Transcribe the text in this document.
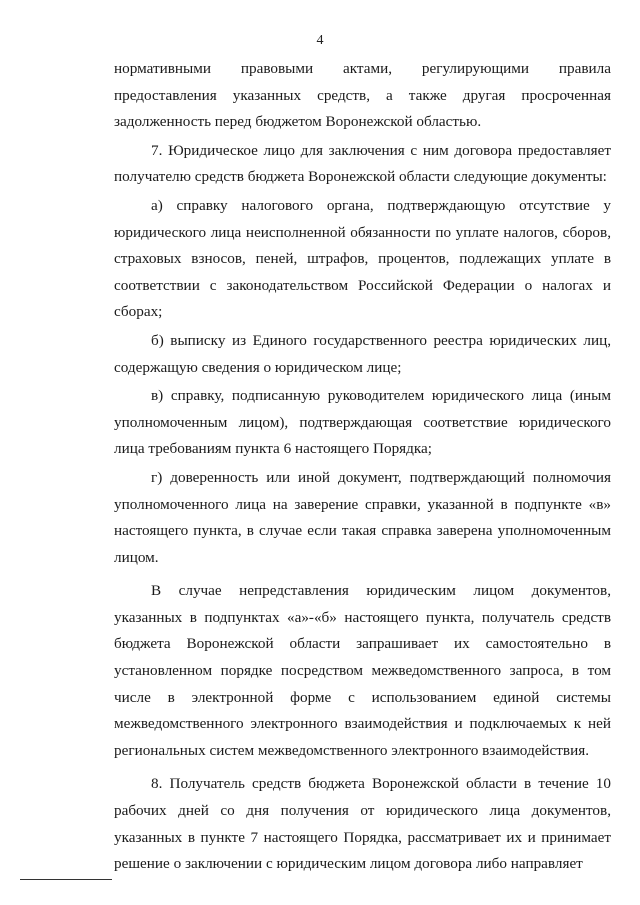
4

нормативными правовыми актами, регулирующими правила предоставления указанных средств, а также другая просроченная задолженность перед бюджетом Воронежской областью.

7. Юридическое лицо для заключения с ним договора предоставляет получателю средств бюджета Воронежской области следующие документы:

а) справку налогового органа, подтверждающую отсутствие у юридического лица неисполненной обязанности по уплате налогов, сборов, страховых взносов, пеней, штрафов, процентов, подлежащих уплате в соответствии с законодательством Российской Федерации о налогах и сборах;

б) выписку из Единого государственного реестра юридических лиц, содержащую сведения о юридическом лице;

в) справку, подписанную руководителем юридического лица (иным уполномоченным лицом), подтверждающая соответствие юридического лица требованиям пункта 6 настоящего Порядка;

г) доверенность или иной документ, подтверждающий полномочия уполномоченного лица на заверение справки, указанной в подпункте «в» настоящего пункта, в случае если такая справка заверена уполномоченным лицом.

В случае непредставления юридическим лицом документов, указанных в подпунктах «а»-«б» настоящего пункта, получатель средств бюджета Воронежской области запрашивает их самостоятельно в установленном порядке посредством межведомственного запроса, в том числе в электронной форме с использованием единой системы межведомственного электронного взаимодействия и подключаемых к ней региональных систем межведомственного электронного взаимодействия.

8. Получатель средств бюджета Воронежской области в течение 10 рабочих дней со дня получения от юридического лица документов, указанных в пункте 7 настоящего Порядка, рассматривает их и принимает решение о заключении с юридическим лицом договора либо направляет
